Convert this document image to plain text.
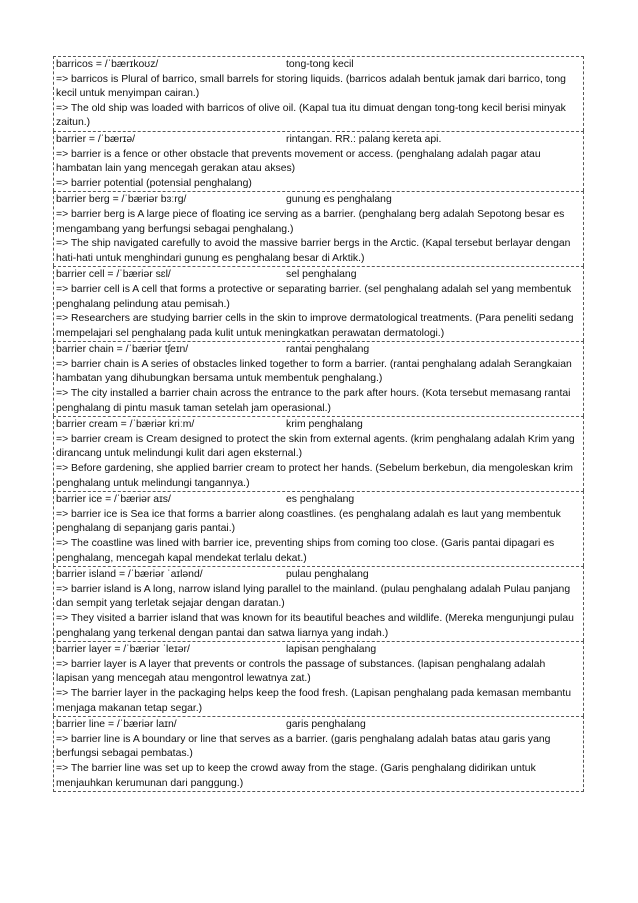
barricos = /ˈbærɪkoʊz/	tong-tong kecil
=> barricos is Plural of barrico, small barrels for storing liquids. (barricos adalah bentuk jamak dari barrico, tong kecil untuk menyimpan cairan.)
=> The old ship was loaded with barricos of olive oil. (Kapal tua itu dimuat dengan tong-tong kecil berisi minyak zaitun.)
barrier = /ˈbærɪə/	rintangan. RR.: palang kereta api.
=> barrier is a fence or other obstacle that prevents movement or access. (penghalang adalah pagar atau hambatan lain yang mencegah gerakan atau akses)
=> barrier potential (potensial penghalang)
barrier berg = /ˈbæriər bɜːrg/	gunung es penghalang
=> barrier berg is A large piece of floating ice serving as a barrier. (penghalang berg adalah Sepotong besar es mengambang yang berfungsi sebagai penghalang.)
=> The ship navigated carefully to avoid the massive barrier bergs in the Arctic. (Kapal tersebut berlayar dengan hati-hati untuk menghindari gunung es penghalang besar di Arktik.)
barrier cell = /ˈbæriər sɛl/	sel penghalang
=> barrier cell is A cell that forms a protective or separating barrier. (sel penghalang adalah sel yang membentuk penghalang pelindung atau pemisah.)
=> Researchers are studying barrier cells in the skin to improve dermatological treatments. (Para peneliti sedang mempelajari sel penghalang pada kulit untuk meningkatkan perawatan dermatologi.)
barrier chain = /ˈbæriər tʃeɪn/	rantai penghalang
=> barrier chain is A series of obstacles linked together to form a barrier. (rantai penghalang adalah Serangkaian hambatan yang dihubungkan bersama untuk membentuk penghalang.)
=> The city installed a barrier chain across the entrance to the park after hours. (Kota tersebut memasang rantai penghalang di pintu masuk taman setelah jam operasional.)
barrier cream = /ˈbæriər kriːm/	krim penghalang
=> barrier cream is Cream designed to protect the skin from external agents. (krim penghalang adalah Krim yang dirancang untuk melindungi kulit dari agen eksternal.)
=> Before gardening, she applied barrier cream to protect her hands. (Sebelum berkebun, dia mengoleskan krim penghalang untuk melindungi tangannya.)
barrier ice = /ˈbæriər aɪs/	es penghalang
=> barrier ice is Sea ice that forms a barrier along coastlines. (es penghalang adalah es laut yang membentuk penghalang di sepanjang garis pantai.)
=> The coastline was lined with barrier ice, preventing ships from coming too close. (Garis pantai dipagari es penghalang, mencegah kapal mendekat terlalu dekat.)
barrier island = /ˈbæriər ˈaɪlənd/	pulau penghalang
=> barrier island is A long, narrow island lying parallel to the mainland. (pulau penghalang adalah Pulau panjang dan sempit yang terletak sejajar dengan daratan.)
=> They visited a barrier island that was known for its beautiful beaches and wildlife. (Mereka mengunjungi pulau penghalang yang terkenal dengan pantai dan satwa liarnya yang indah.)
barrier layer = /ˈbæriər ˈleɪər/	lapisan penghalang
=> barrier layer is A layer that prevents or controls the passage of substances. (lapisan penghalang adalah lapisan yang mencegah atau mengontrol lewatnya zat.)
=> The barrier layer in the packaging helps keep the food fresh. (Lapisan penghalang pada kemasan membantu menjaga makanan tetap segar.)
barrier line = /ˈbæriər laɪn/	garis penghalang
=> barrier line is A boundary or line that serves as a barrier. (garis penghalang adalah batas atau garis yang berfungsi sebagai pembatas.)
=> The barrier line was set up to keep the crowd away from the stage. (Garis penghalang didirikan untuk menjauhkan kerumunan dari panggung.)
